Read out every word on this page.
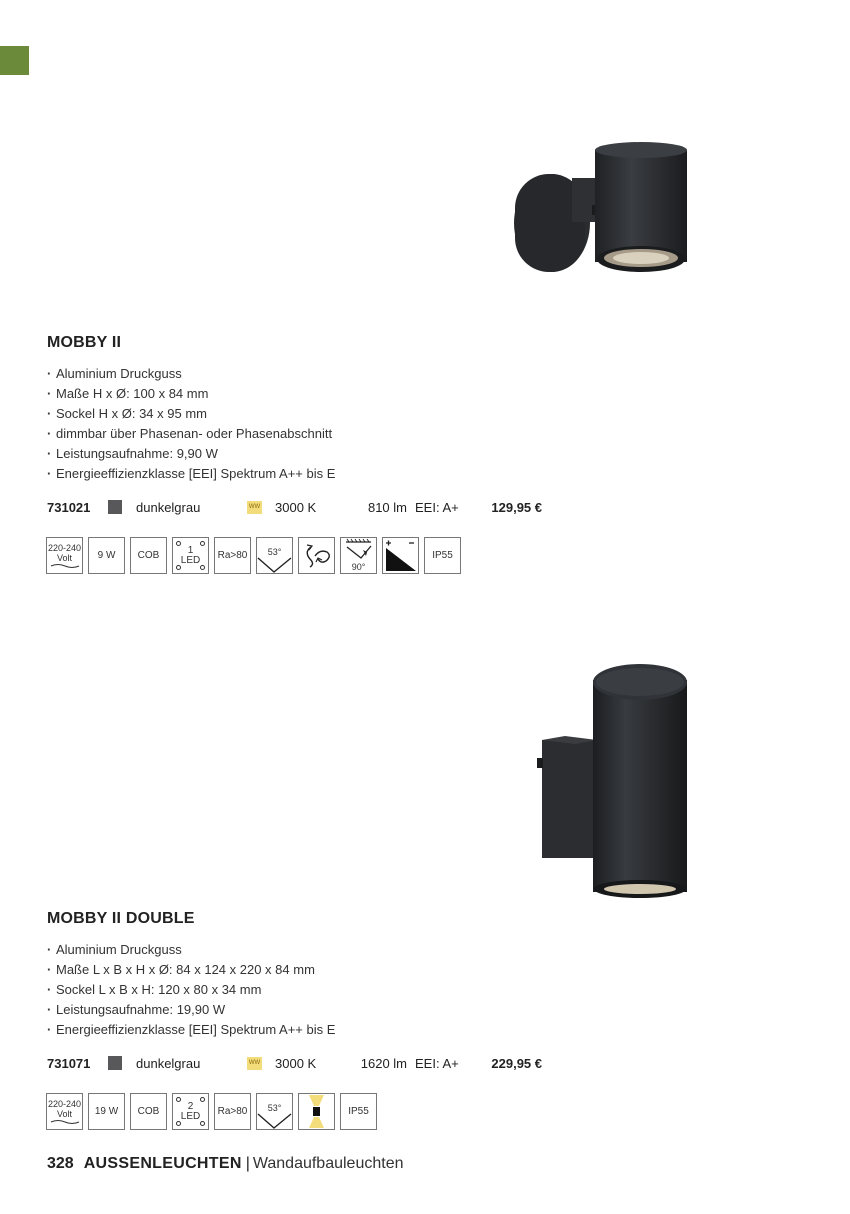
MOBBY II
· Aluminium Druckguss
· Maße H x Ø: 100 x 84 mm
· Sockel H x Ø: 34 x 95 mm
· dimmbar über Phasenan- oder Phasenabschnitt
· Leistungsaufnahme: 9,90 W
· Energieeffizienzklasse [EEI] Spektrum A++ bis E
731021	dunkelgrau	WW 3000 K	810 lm EEI: A+	129,95 €
220-240
Volt	9 W	COB	1
LED	Ra>80	53°
90°
IP55
MOBBY II DOUBLE
· Aluminium Druckguss
· Maße L x B x H x Ø: 84 x 124 x 220 x 84 mm
· Sockel L x B x H: 120 x 80 x 34 mm
· Leistungsaufnahme: 19,90 W
· Energieeffizienzklasse [EEI] Spektrum A++ bis E
731071	dunkelgrau	WW 3000 K	1620 lm EEI: A+	229,95 €
220-240
Volt	19 W	COB	2
LED	Ra>80	53°	IP55
328 AUSSENLEUCHTEN | Wandaufbauleuchten
